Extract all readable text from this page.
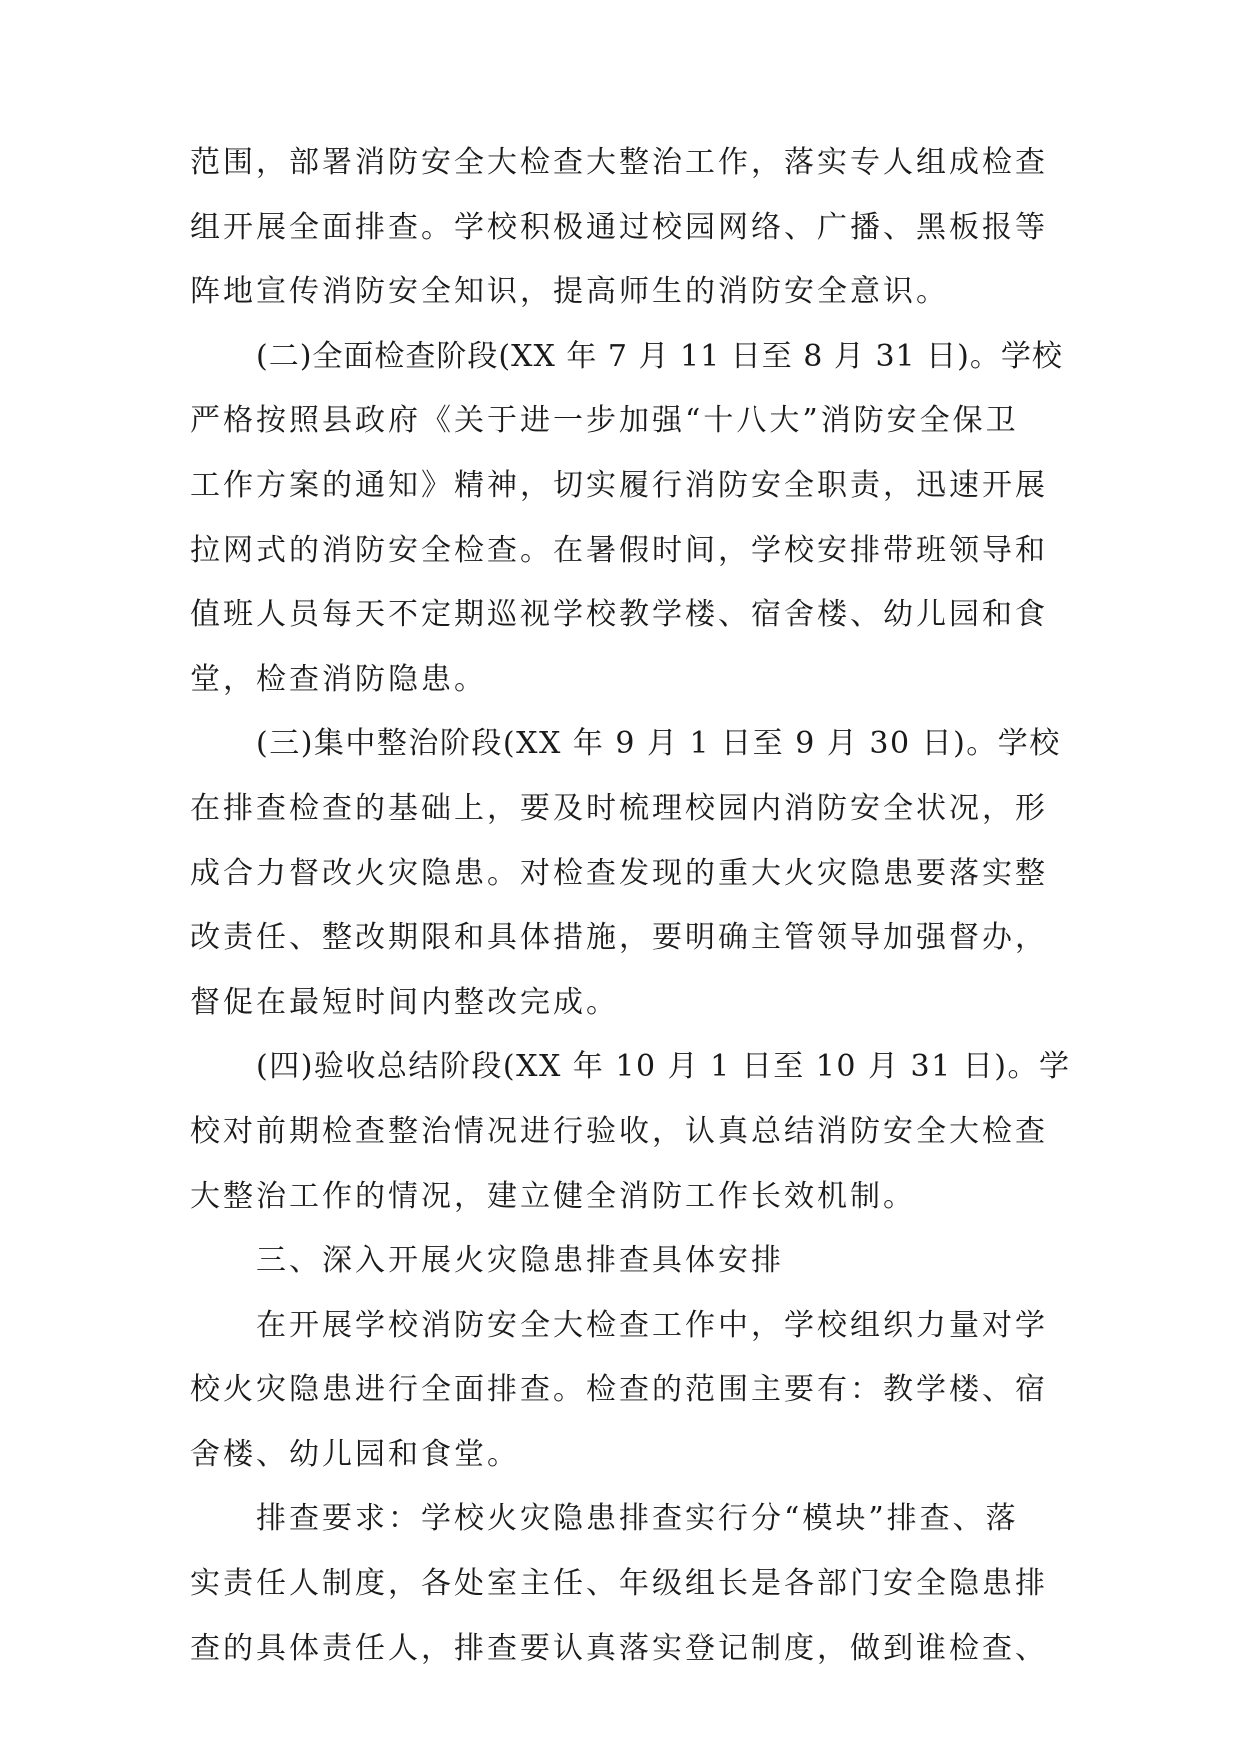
范围，部署消防安全大检查大整治工作，落实专人组成检查
组开展全面排查。学校积极通过校园网络、广播、黑板报等
阵地宣传消防安全知识，提高师生的消防安全意识。
(二)全面检查阶段(XX 年 7 月 11 日至 8 月 31 日)。学校
严格按照县政府《关于进一步加强“十八大”消防安全保卫
工作方案的通知》精神，切实履行消防安全职责，迅速开展
拉网式的消防安全检查。在暑假时间，学校安排带班领导和
值班人员每天不定期巡视学校教学楼、宿舍楼、幼儿园和食
堂，检查消防隐患。
(三)集中整治阶段(XX 年 9 月 1 日至 9 月 30 日)。学校
在排查检查的基础上，要及时梳理校园内消防安全状况，形
成合力督改火灾隐患。对检查发现的重大火灾隐患要落实整
改责任、整改期限和具体措施，要明确主管领导加强督办，
督促在最短时间内整改完成。
(四)验收总结阶段(XX 年 10 月 1 日至 10 月 31 日)。学
校对前期检查整治情况进行验收，认真总结消防安全大检查
大整治工作的情况，建立健全消防工作长效机制。
三、深入开展火灾隐患排查具体安排
在开展学校消防安全大检查工作中，学校组织力量对学
校火灾隐患进行全面排查。检查的范围主要有：教学楼、宿
舍楼、幼儿园和食堂。
排查要求：学校火灾隐患排查实行分“模块”排查、落
实责任人制度，各处室主任、年级组长是各部门安全隐患排
查的具体责任人，排查要认真落实登记制度，做到谁检查、
